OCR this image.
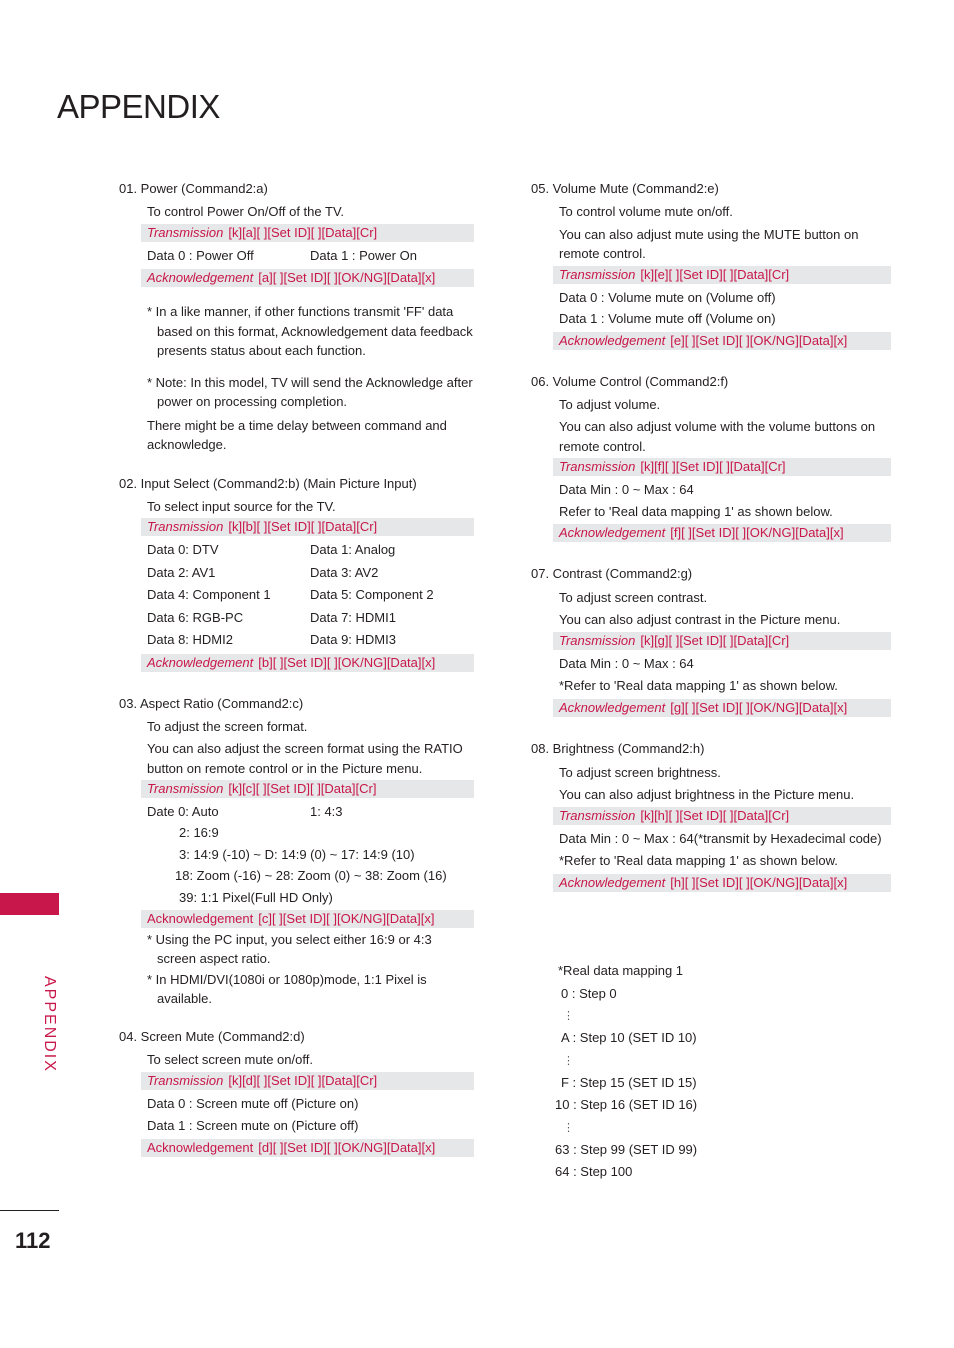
APPENDIX
APPENDIX
112
01. Power (Command2:a)
To control Power On/Off of the TV.
Transmission [k][a][ ][Set ID][ ][Data][Cr]
Data 0 : Power Off	Data 1 : Power On
Acknowledgement [a][ ][Set ID][ ][OK/NG][Data][x]
* In a like manner, if other functions transmit 'FF' data based on this format, Acknowledgement data feedback presents status about each function.
* Note: In this model, TV will send the Acknowledge after power on processing completion.
There might be a time delay between command and acknowledge.
02. Input Select (Command2:b) (Main Picture Input)
To select input source for the TV.
Transmission [k][b][ ][Set ID][ ][Data][Cr]
Data 0: DTV	Data 1: Analog
Data 2: AV1	Data 3: AV2
Data 4: Component 1	Data 5: Component 2
Data 6: RGB-PC	Data 7: HDMI1
Data 8: HDMI2	Data 9: HDMI3
Acknowledgement [b][ ][Set ID][ ][OK/NG][Data][x]
03. Aspect Ratio (Command2:c)
To adjust the screen format.
You can also adjust the screen format using the RATIO button on remote control or in the Picture menu.
Transmission [k][c][ ][Set ID][ ][Data][Cr]
Date 0: Auto	1: 4:3
2: 16:9
3: 14:9 (-10) ~ D: 14:9 (0) ~ 17: 14:9 (10)
18: Zoom (-16) ~ 28: Zoom (0) ~ 38: Zoom (16)
39: 1:1 Pixel(Full HD Only)
Acknowledgement [c][ ][Set ID][ ][OK/NG][Data][x]
* Using the PC input, you select either 16:9 or 4:3 screen aspect ratio.
* In HDMI/DVI(1080i or 1080p)mode, 1:1 Pixel is available.
04. Screen Mute (Command2:d)
To select screen mute on/off.
Transmission [k][d][ ][Set ID][ ][Data][Cr]
Data 0 : Screen mute off (Picture on)
Data 1 : Screen mute on (Picture off)
Acknowledgement [d][ ][Set ID][ ][OK/NG][Data][x]
05. Volume Mute (Command2:e)
To control volume mute on/off.
You can also adjust mute using the MUTE button on remote control.
Transmission [k][e][ ][Set ID][ ][Data][Cr]
Data 0 : Volume mute on (Volume off)
Data 1 : Volume mute off (Volume on)
Acknowledgement [e][ ][Set ID][ ][OK/NG][Data][x]
06. Volume Control (Command2:f)
To adjust volume.
You can also adjust volume with the volume buttons on remote control.
Transmission [k][f][ ][Set ID][ ][Data][Cr]
Data Min : 0 ~ Max : 64
Refer to 'Real data mapping 1' as shown below.
Acknowledgement [f][ ][Set ID][ ][OK/NG][Data][x]
07. Contrast (Command2:g)
To adjust screen contrast.
You can also adjust contrast in the Picture menu.
Transmission [k][g][ ][Set ID][ ][Data][Cr]
Data Min : 0 ~ Max : 64
*Refer to 'Real data mapping 1' as shown below.
Acknowledgement [g][ ][Set ID][ ][OK/NG][Data][x]
08. Brightness (Command2:h)
To adjust screen brightness.
You can also adjust brightness in the Picture menu.
Transmission [k][h][ ][Set ID][ ][Data][Cr]
Data Min : 0 ~ Max : 64(*transmit by Hexadecimal code)
*Refer to 'Real data mapping 1' as shown below.
Acknowledgement [h][ ][Set ID][ ][OK/NG][Data][x]
*Real data mapping 1
0 : Step 0
⋮
A : Step 10 (SET ID 10)
⋮
F : Step 15 (SET ID 15)
10 : Step 16 (SET ID 16)
⋮
63 : Step 99 (SET ID 99)
64 : Step 100
